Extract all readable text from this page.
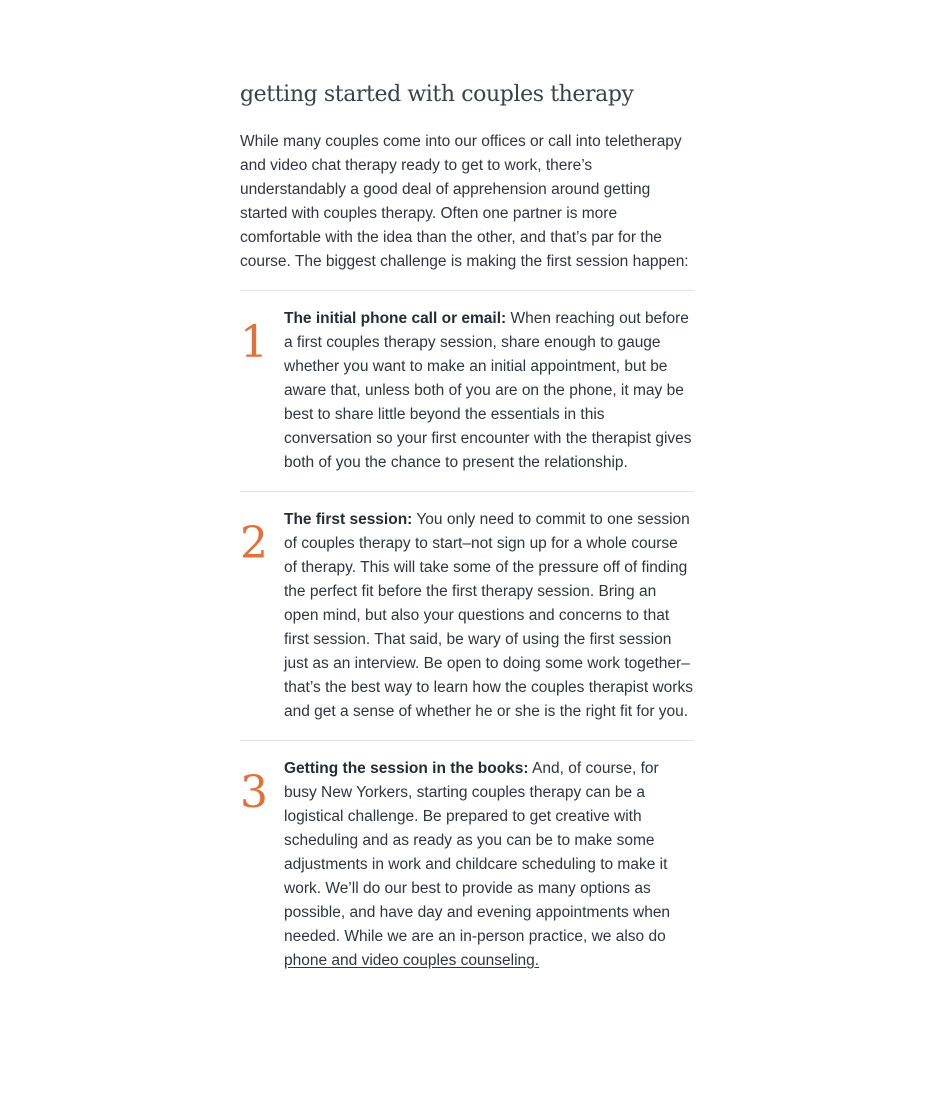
getting started with couples therapy

While many couples come into our offices or call into teletherapy and video chat therapy ready to get to work, there’s understandably a good deal of apprehension around getting started with couples therapy. Often one partner is more comfortable with the idea than the other, and that’s par for the course. The biggest challenge is making the first session happen:

1	The initial phone call or email: When reaching out before a first couples therapy session, share enough to gauge whether you want to make an initial appointment, but be aware that, unless both of you are on the phone, it may be best to share little beyond the essentials in this conversation so your first encounter with the therapist gives both of you the chance to present the relationship.

2	The first session: You only need to commit to one session of couples therapy to start–not sign up for a whole course of therapy. This will take some of the pressure off of finding the perfect fit before the first therapy session. Bring an open mind, but also your questions and concerns to that first session. That said, be wary of using the first session just as an interview. Be open to doing some work together–that’s the best way to learn how the couples therapist works and get a sense of whether he or she is the right fit for you.

3	Getting the session in the books: And, of course, for busy New Yorkers, starting couples therapy can be a logistical challenge. Be prepared to get creative with scheduling and as ready as you can be to make some adjustments in work and childcare scheduling to make it work. We’ll do our best to provide as many options as possible, and have day and evening appointments when needed. While we are an in-person practice, we also do phone and video couples counseling.
